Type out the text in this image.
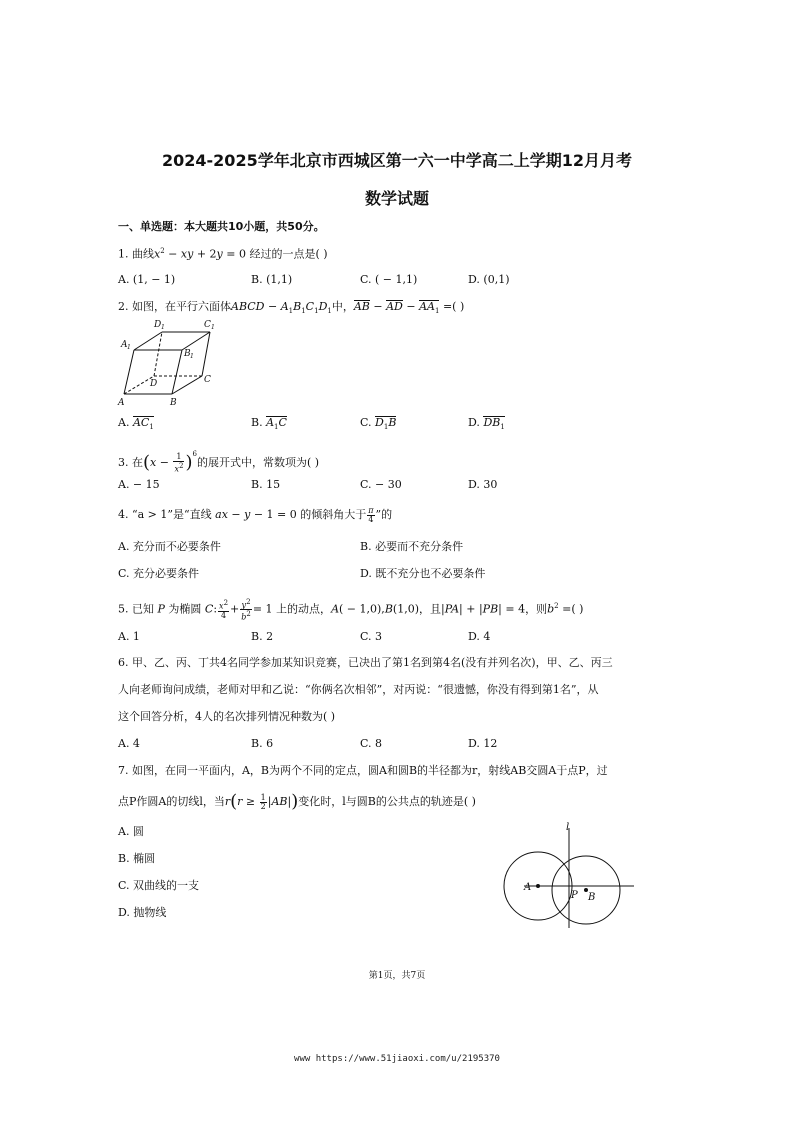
2024-2025学年北京市西城区第一六一中学高二上学期12月月考
数学试题
一、单选题：本大题共10小题，共50分。
1. 曲线$x^2$ − xy + 2y = 0 经过的一点是( )
A. (1, − 1)	B. (1,1)	C. ( − 1,1)	D. (0,1)
2. 如图，在平行六面体ABCD − $A_1B_1C_1D_1$中，AB − AD − $AA_1$ =( )
D 1	C 1
A 1
B 1
D	C
A	B
A. $AC_1$	B. $A_1C$	C. $D_1B$	D. $DB_1$
3. 在$(x - \frac{1}{x^2} )^6$的展开式中，常数项为( )
A. − 15	B. 15	C. − 30	D. 30
4. “a > 1”是“直线 ax − y − 1 = 0 的倾斜角大于 $\frac{\pi}{4}$ ”的
A. 充分而不必要条件	B. 必要而不充分条件
C. 充分必要条件	D. 既不充分也不必要条件
5. 已知 P 为椭圆 C: $\frac{x^2}{4} + \frac{y^2}{b^2} = 1$ 上的动点，A( − 1,0),B(1,0)，且|PA| + |PB| = 4，则$b^2$ =( )
A. 1	B. 2	C. 3	D. 4
6. 甲、乙、丙、丁共4名同学参加某知识竞赛，已决出了第1名到第4名(没有并列名次)，甲、乙、丙三
人向老师询问成绩，老师对甲和乙说：“你俩名次相邻”，对丙说：“很遗憾，你没有得到第1名”，从
这个回答分析，4人的名次排列情况种数为( )
A. 4	B. 6	C. 8	D. 12
7. 如图，在同一平面内，A，B为两个不同的定点，圆A和圆B的半径都为r，射线AB交圆A于点P，过
点P作圆A的切线l，当$r(r \ge \frac{1}{2} |AB|)$变化时，l与圆B的公共点的轨迹是( )
A. 圆
B. 椭圆
C. 双曲线的一支
D. 抛物线
l
A
P B
第1页，共7页
www https://www.51jiaoxi.com/u/2195370
